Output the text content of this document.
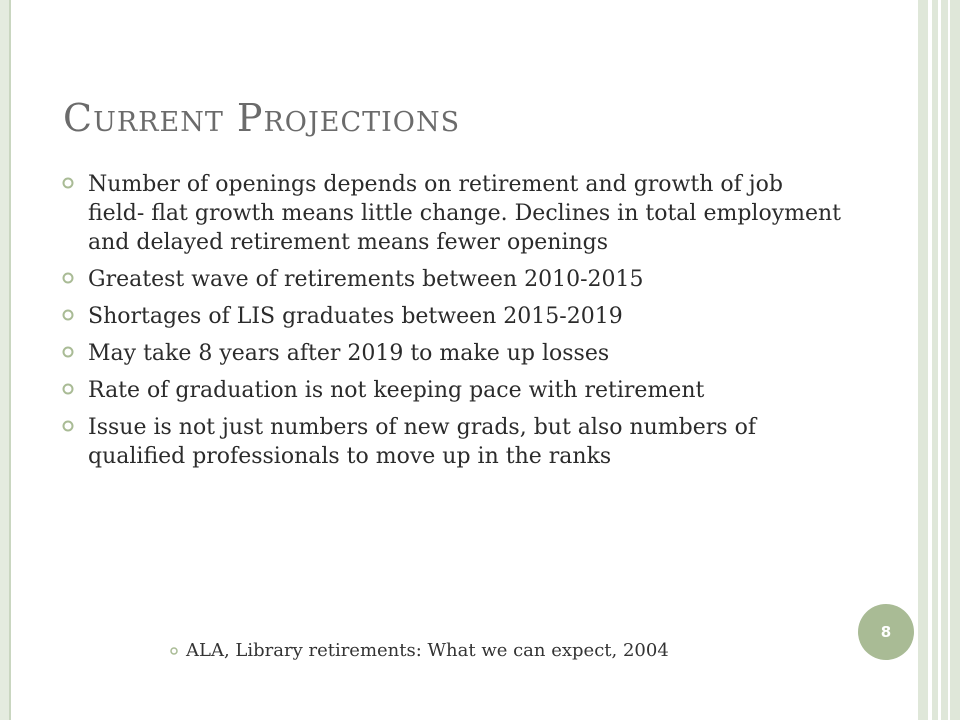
Current Projections
Number of openings depends on retirement and growth of job field- flat growth means little change. Declines in total employment and delayed retirement means fewer openings
Greatest wave of retirements between 2010-2015
Shortages of LIS graduates between 2015-2019
May take 8 years after 2019 to make up losses
Rate of graduation is not keeping pace with retirement
Issue is not just numbers of new grads, but also numbers of qualified professionals to move up in the ranks
ALA, Library retirements: What we can expect, 2004
8
